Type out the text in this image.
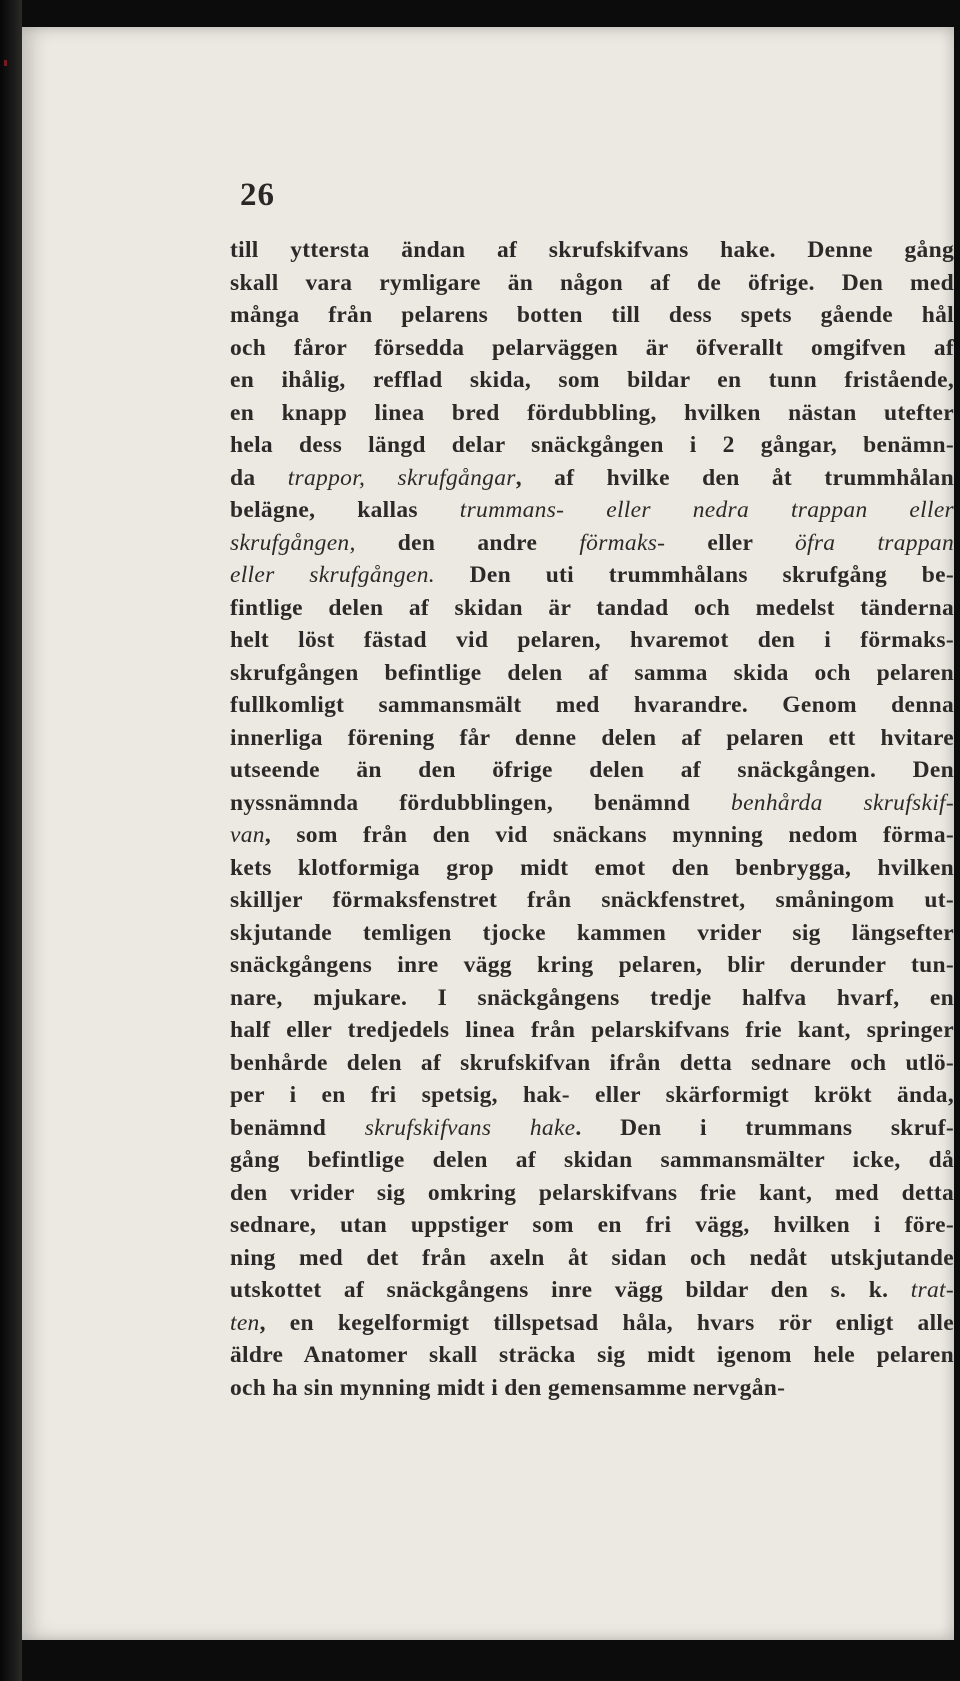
26
till yttersta ändan af skrufskifvans hake. Denne gång
skall vara rymligare än någon af de öfrige. Den med
många från pelarens botten till dess spets gående hål
och fåror försedda pelarväggen är öfverallt omgifven af
en ihålig, refflad skida, som bildar en tunn fristående,
en knapp linea bred fördubbling, hvilken nästan utefter
hela dess längd delar snäckgången i 2 gångar, benämn-
da trappor, skrufgångar, af hvilke den åt trummhålan
belägne, kallas trummans- eller nedra trappan eller
skrufgången, den andre förmaks- eller öfra trappan
eller skrufgången. Den uti trummhålans skrufgång be-
fintlige delen af skidan är tandad och medelst tänderna
helt löst fästad vid pelaren, hvaremot den i förmaks-
skrufgången befintlige delen af samma skida och pelaren
fullkomligt sammansmält med hvarandre. Genom denna
innerliga förening får denne delen af pelaren ett hvitare
utseende än den öfrige delen af snäckgången. Den
nyssnämnda fördubblingen, benämnd benhårda skrufskif-
van, som från den vid snäckans mynning nedom förma-
kets klotformiga grop midt emot den benbrygga, hvilken
skilljer förmaksfenstret från snäckfenstret, småningom ut-
skjutande temligen tjocke kammen vrider sig längsefter
snäckgångens inre vägg kring pelaren, blir derunder tun-
nare, mjukare. I snäckgångens tredje halfva hvarf, en
half eller tredjedels linea från pelarskifvans frie kant, springer
benhårde delen af skrufskifvan ifrån detta sednare och utlö-
per i en fri spetsig, hak- eller skärformigt krökt ända,
benämnd skrufskifvans hake. Den i trummans skruf-
gång befintlige delen af skidan sammansmälter icke, då
den vrider sig omkring pelarskifvans frie kant, med detta
sednare, utan uppstiger som en fri vägg, hvilken i före-
ning med det från axeln åt sidan och nedåt utskjutande
utskottet af snäckgångens inre vägg bildar den s. k. trat-
ten, en kegelformigt tillspetsad håla, hvars rör enligt alle
äldre Anatomer skall sträcka sig midt igenom hele pelaren
och ha sin mynning midt i den gemensamme nervgån-
